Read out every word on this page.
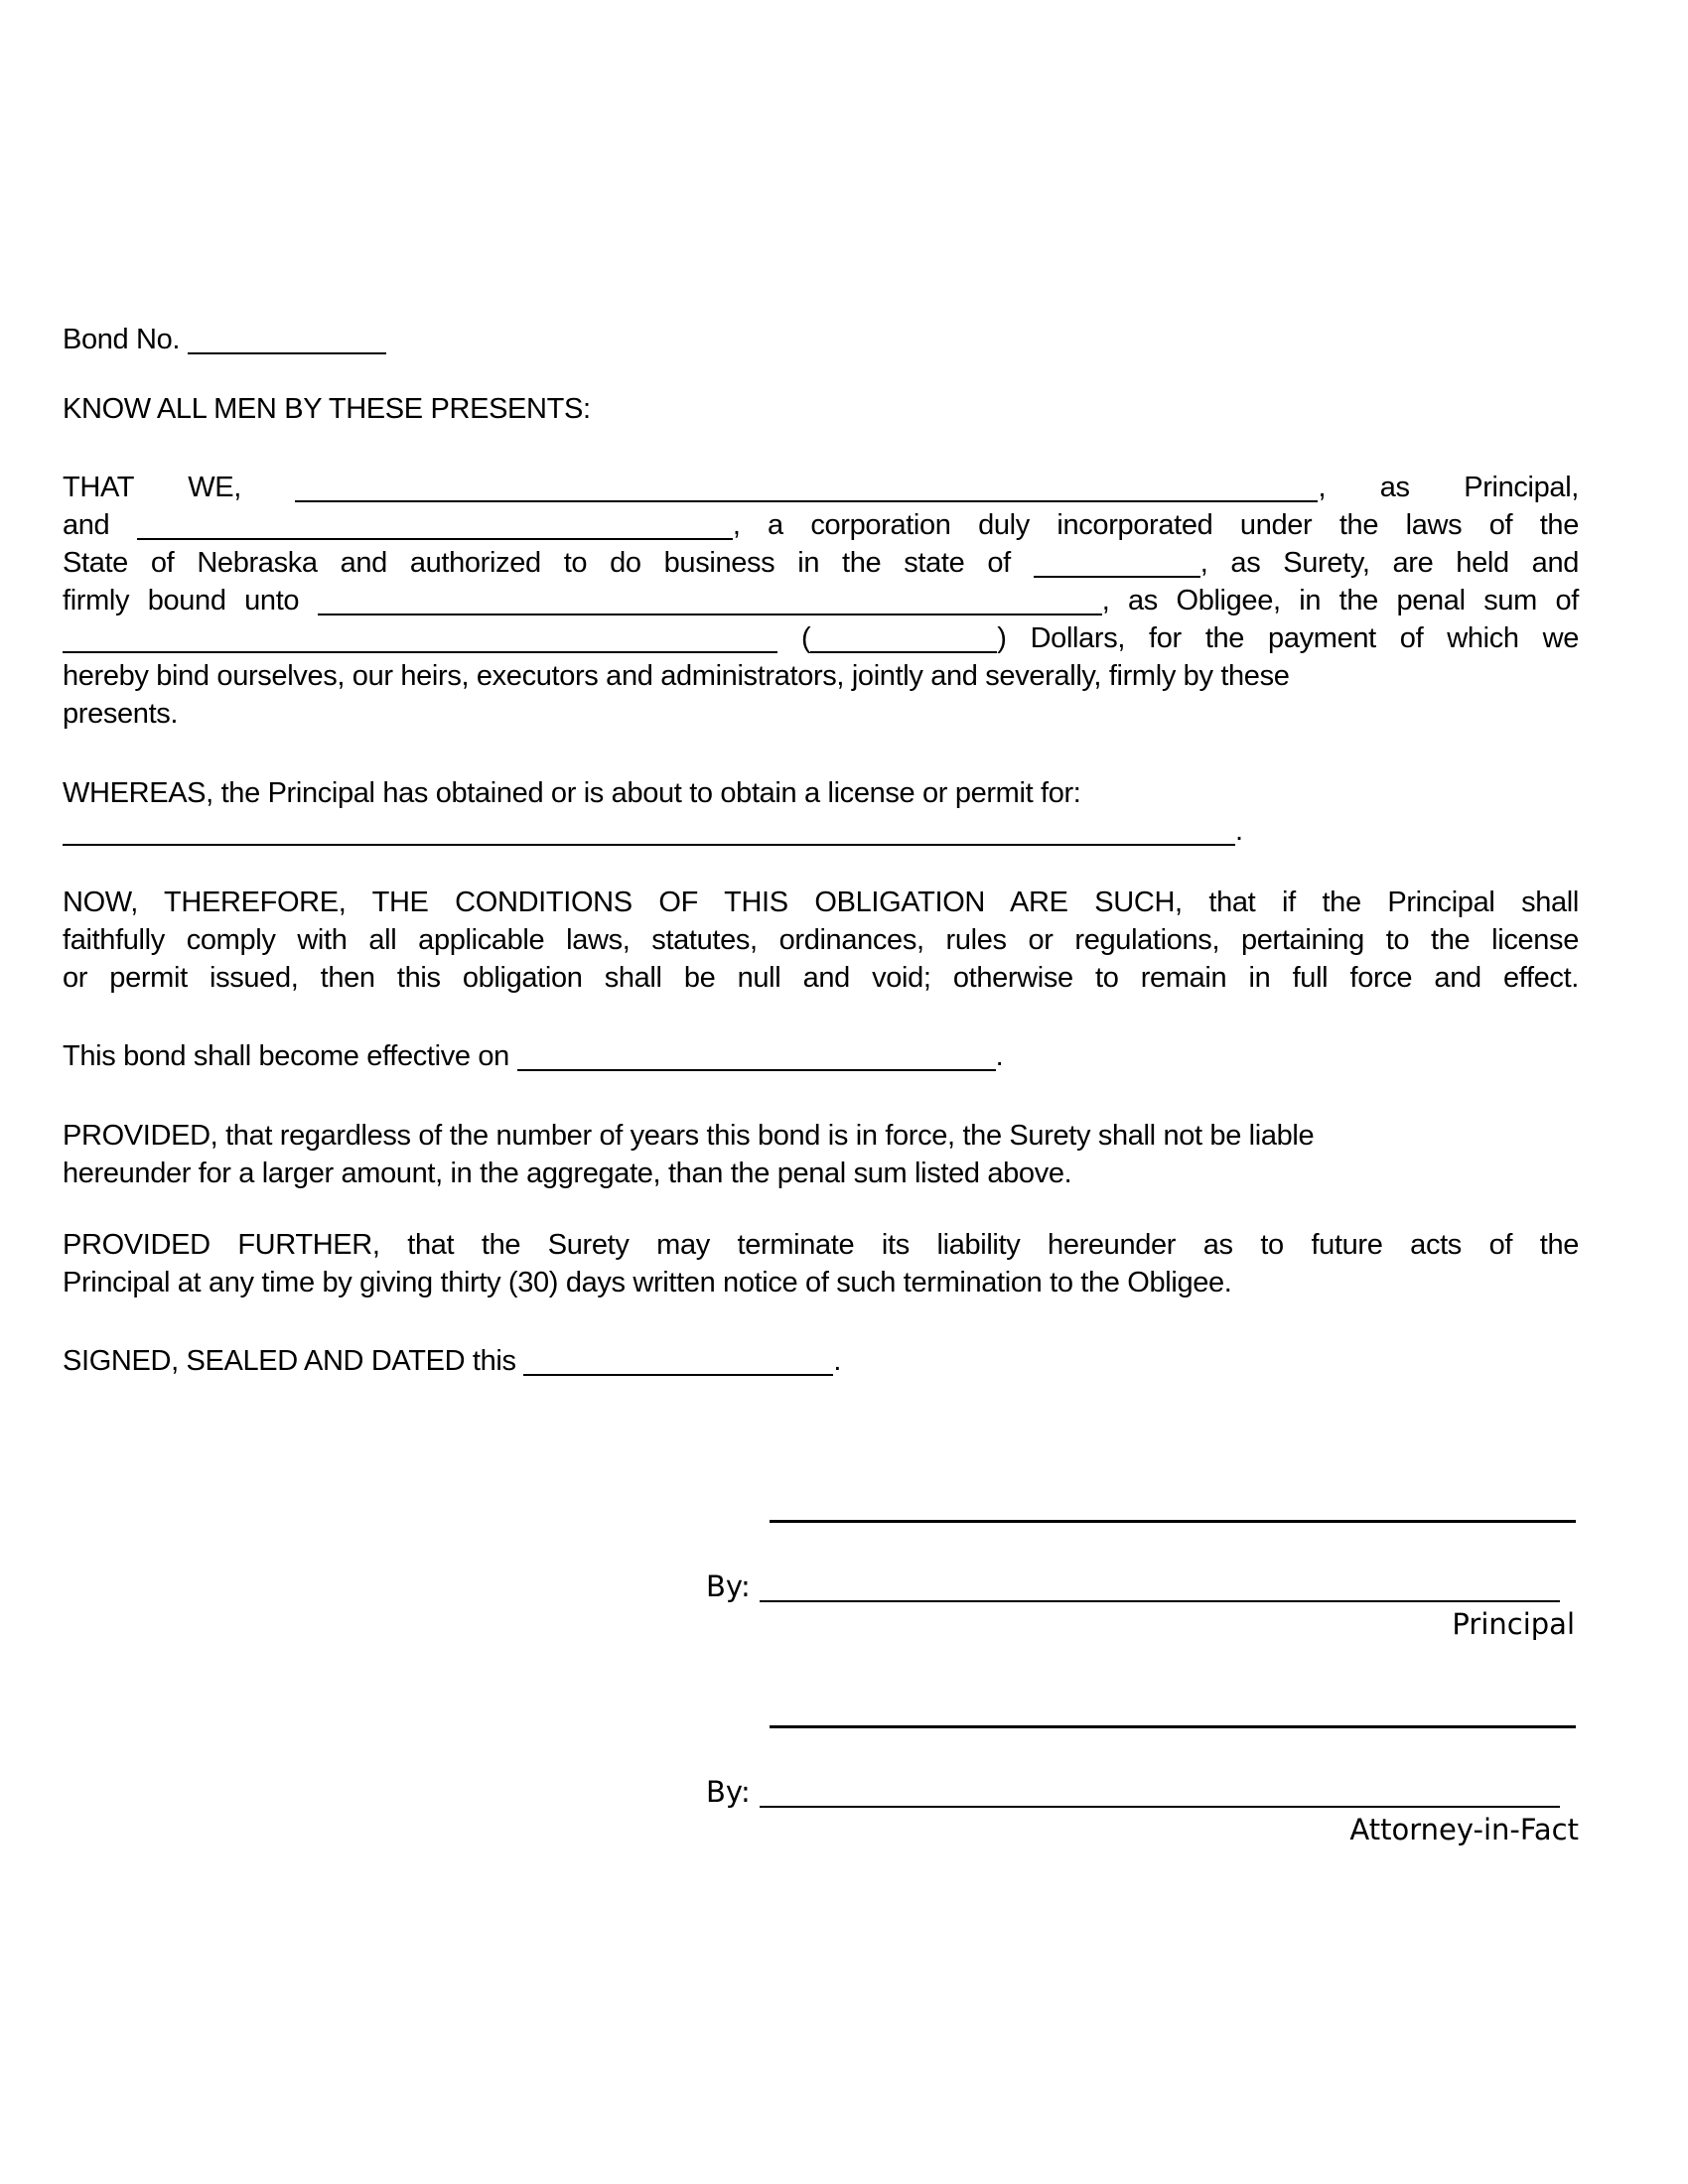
Bond No.
KNOW ALL MEN BY THESE PRESENTS:
THAT WE,	, as Principal,
and	, a corporation duly incorporated under the laws of the
State of Nebraska and authorized to do business in the state of	, as Surety, are held and
firmly bound unto	, as Obligee, in the penal sum of
(	) Dollars, for the payment of which we
hereby bind ourselves, our heirs, executors and administrators, jointly and severally, firmly by these
presents.
WHEREAS, the Principal has obtained or is about to obtain a license or permit for:
.
NOW, THEREFORE, THE CONDITIONS OF THIS OBLIGATION ARE SUCH, that if the Principal shall
faithfully comply with all applicable laws, statutes, ordinances, rules or regulations, pertaining to the license
or permit issued, then this obligation shall be null and void; otherwise to remain in full force and effect.
This bond shall become effective on	.
PROVIDED, that regardless of the number of years this bond is in force, the Surety shall not be liable
hereunder for a larger amount, in the aggregate, than the penal sum listed above.
PROVIDED FURTHER, that the Surety may terminate its liability hereunder as to future acts of the
Principal at any time by giving thirty (30) days written notice of such termination to the Obligee.
SIGNED, SEALED AND DATED this	.
By:
Principal
By:
Attorney-in-Fact
